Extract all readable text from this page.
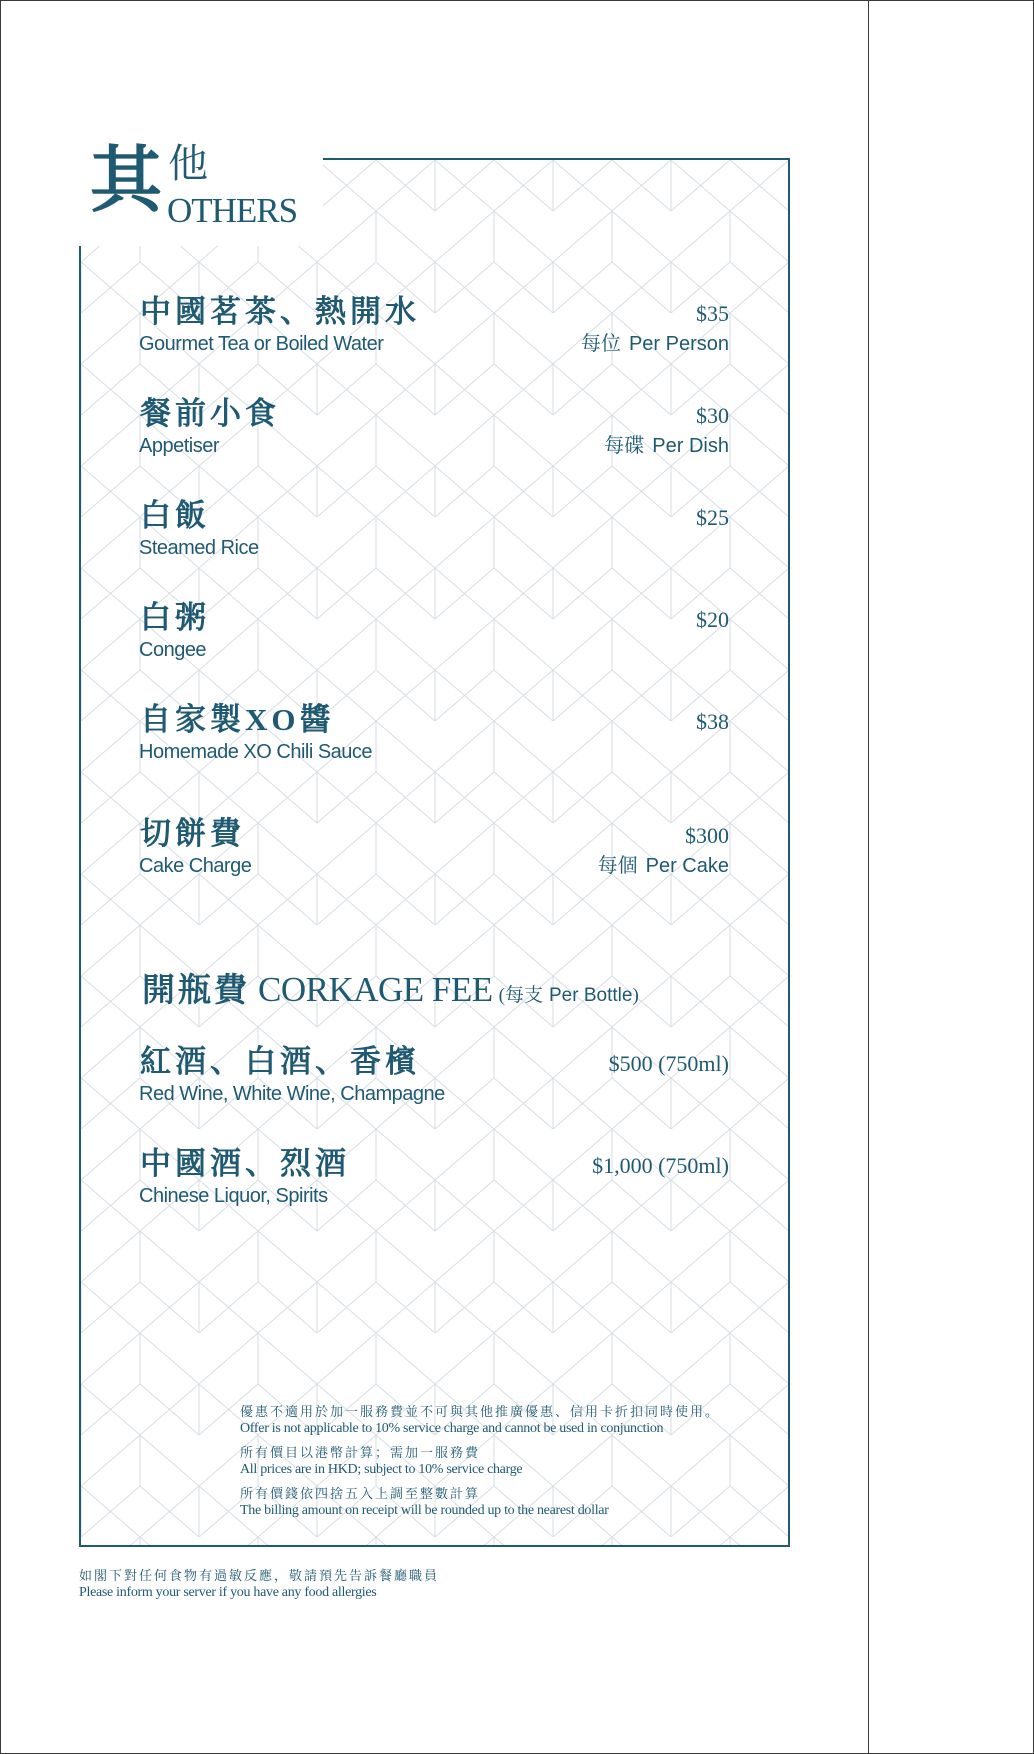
其 他
OTHERS
中國茗茶、熱開水
Gourmet Tea or Boiled Water
$35
每位 Per Person
餐前小食
Appetiser
$30
每碟 Per Dish
白飯
Steamed Rice
$25
白粥
Congee
$20
自家製XO醬
Homemade XO Chili Sauce
$38
切餅費
Cake Charge
$300
每個 Per Cake
開瓶費 CORKAGE FEE (每支 Per Bottle)
紅酒、白酒、香檳
Red Wine, White Wine, Champagne
$500 (750ml)
中國酒、烈酒
Chinese Liquor, Spirits
$1,000 (750ml)
優惠不適用於加一服務費並不可與其他推廣優惠、信用卡折扣同時使用。
Offer is not applicable to 10% service charge and cannot be used in conjunction
所有價目以港幣計算；需加一服務費
All prices are in HKD; subject to 10% service charge
所有價錢依四捨五入上調至整數計算
The billing amount on receipt will be rounded up to the nearest dollar
如閣下對任何食物有過敏反應，敬請預先告訴餐廳職員
Please inform your server if you have any food allergies
